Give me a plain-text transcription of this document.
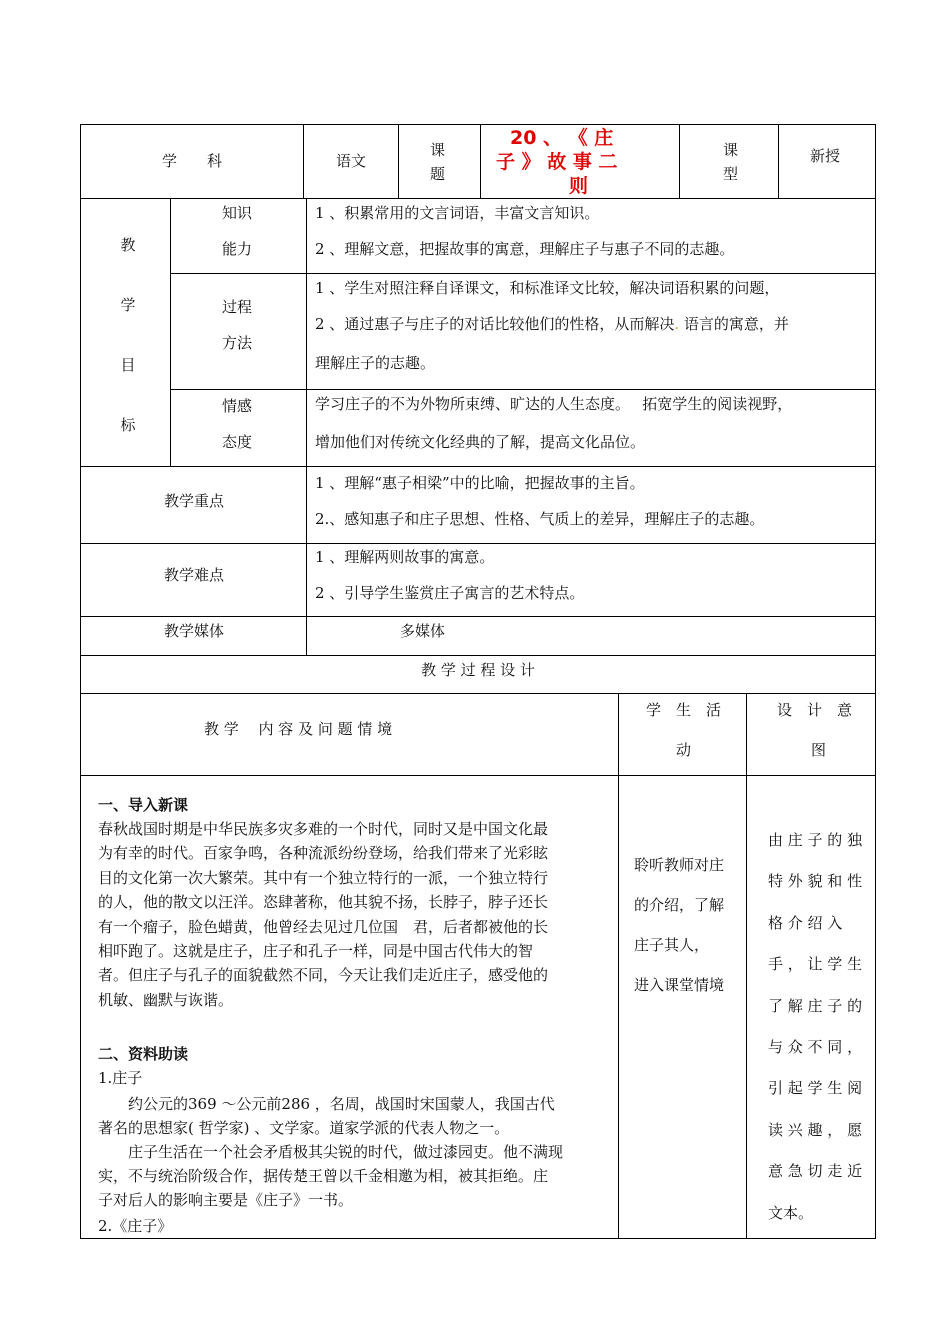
学　　科	语文
课
题
20 、 《 庄
子 》 故 事 二
则
课
型
新授
教
学
目
标
知识
能力
1 、积累常用的文言词语，丰富文言知识。
2 、理解文意，把握故事的寓意，理解庄子与惠子不同的志趣。
过程
方法
1 、学生对照注释自译课文，和标准译文比较，解决词语积累的问题，
2 、通过惠子与庄子的对话比较他们的性格，从而解决. 语言的寓意，并
理解庄子的志趣。
情感
态度
学习庄子的不为外物所束缚、旷达的人生态度。　 拓宽学生的阅读视野，
增加他们对传统文化经典的了解，提高文化品位。
教学重点
1 、理解“惠子相梁”中的比喻，把握故事的主旨。
2.、感知惠子和庄子思想、性格、气质上的差异，理解庄子的志趣。
教学难点
1 、理解两则故事的寓意。
2 、引导学生鉴赏庄子寓言的艺术特点。
教学媒体	多媒体
教 学 过 程 设 计
教 学　 内 容 及 问 题 情 境
学　生　活
动
设　计　意
图
一、导入新课
春秋战国时期是中华民族多灾多难的一个时代，同时又是中国文化最
为有幸的时代。百家争鸣，各种流派纷纷登场，给我们带来了光彩眩
目的文化第一次大繁荣。其中有一个独立特行的一派，一个独立特行
的人，他的散文以汪洋。恣肆著称，他其貌不扬，长脖子，脖子还长
有一个瘤子，脸色蜡黄，他曾经去见过几位国　君，后者都被他的长
相吓跑了。这就是庄子，庄子和孔子一样，同是中国古代伟大的智
者。但庄子与孔子的面貌截然不同，今天让我们走近庄子，感受他的
机敏、幽默与诙谐。
二、资料助读
1.庄子
　　约公元的369 ～公元前286 ，名周，战国时宋国蒙人，我国古代
著名的思想家( 哲学家) 、文学家。道家学派的代表人物之一。
　　庄子生活在一个社会矛盾极其尖锐的时代，做过漆园吏。他不满现
实，不与统治阶级合作，据传楚王曾以千金相邀为相，被其拒绝。庄
子对后人的影响主要是《庄子》一书。
2.《庄子》
聆听教师对庄
的介绍，了解
庄子其人，
进入课堂情境
由 庄 子 的 独
特 外 貌 和 性
格 介 绍 入
手 ， 让 学 生
了 解 庄 子 的
与 众 不 同 ，
引 起 学 生 阅
读 兴 趣 ， 愿
意 急 切 走 近
文本。
